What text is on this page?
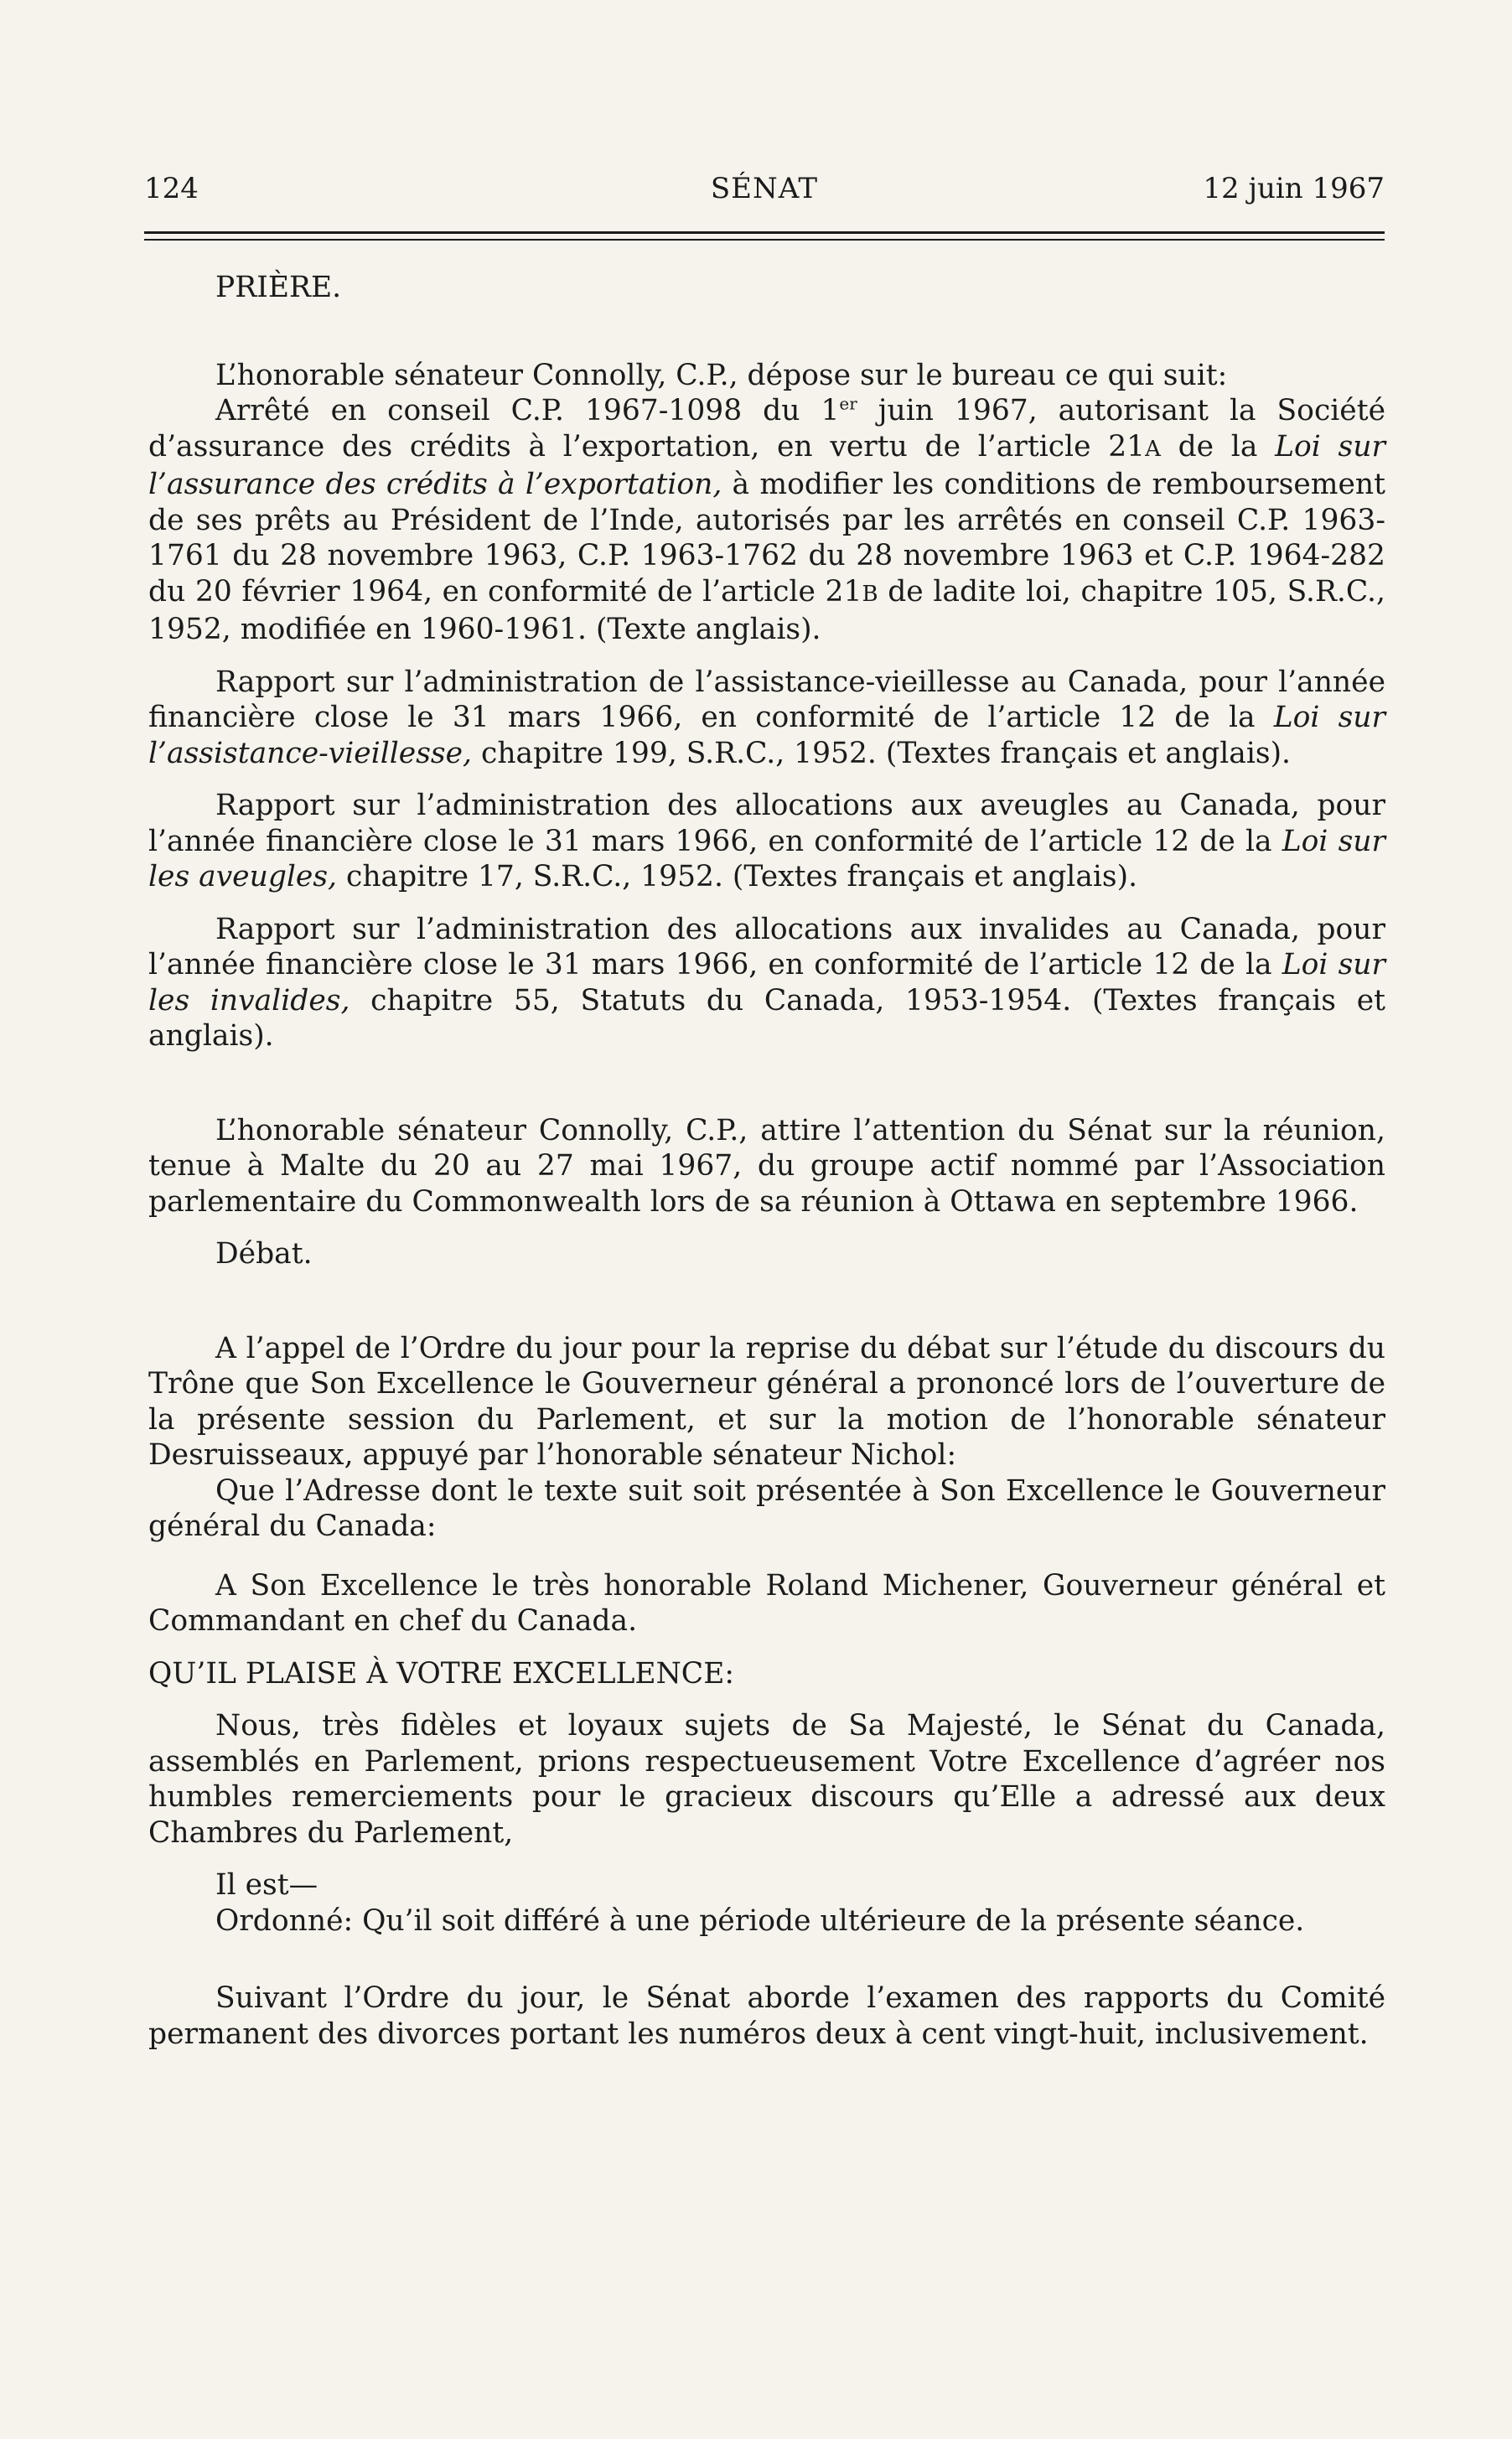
124	SÉNAT	12 juin 1967

PRIÈRE.

L’honorable sénateur Connolly, C.P., dépose sur le bureau ce qui suit:

Arrêté en conseil C.P. 1967-1098 du 1er juin 1967, autorisant la Société d’assurance des crédits à l’exportation, en vertu de l’article 21A de la Loi sur l’assurance des crédits à l’exportation, à modifier les conditions de remboursement de ses prêts au Président de l’Inde, autorisés par les arrêtés en conseil C.P. 1963-1761 du 28 novembre 1963, C.P. 1963-1762 du 28 novembre 1963 et C.P. 1964-282 du 20 février 1964, en conformité de l’article 21B de ladite loi, chapitre 105, S.R.C., 1952, modifiée en 1960-1961. (Texte anglais).

Rapport sur l’administration de l’assistance-vieillesse au Canada, pour l’année financière close le 31 mars 1966, en conformité de l’article 12 de la Loi sur l’assistance-vieillesse, chapitre 199, S.R.C., 1952. (Textes français et anglais).

Rapport sur l’administration des allocations aux aveugles au Canada, pour l’année financière close le 31 mars 1966, en conformité de l’article 12 de la Loi sur les aveugles, chapitre 17, S.R.C., 1952. (Textes français et anglais).

Rapport sur l’administration des allocations aux invalides au Canada, pour l’année financière close le 31 mars 1966, en conformité de l’article 12 de la Loi sur les invalides, chapitre 55, Statuts du Canada, 1953-1954. (Textes français et anglais).

L’honorable sénateur Connolly, C.P., attire l’attention du Sénat sur la réunion, tenue à Malte du 20 au 27 mai 1967, du groupe actif nommé par l’Association parlementaire du Commonwealth lors de sa réunion à Ottawa en septembre 1966.

Débat.

A l’appel de l’Ordre du jour pour la reprise du débat sur l’étude du discours du Trône que Son Excellence le Gouverneur général a prononcé lors de l’ouverture de la présente session du Parlement, et sur la motion de l’honorable sénateur Desruisseaux, appuyé par l’honorable sénateur Nichol:

Que l’Adresse dont le texte suit soit présentée à Son Excellence le Gouverneur général du Canada:

A Son Excellence le très honorable Roland Michener, Gouverneur général et Commandant en chef du Canada.

QU’IL PLAISE À VOTRE EXCELLENCE:

Nous, très fidèles et loyaux sujets de Sa Majesté, le Sénat du Canada, assemblés en Parlement, prions respectueusement Votre Excellence d’agréer nos humbles remerciements pour le gracieux discours qu’Elle a adressé aux deux Chambres du Parlement,

Il est—

Ordonné: Qu’il soit différé à une période ultérieure de la présente séance.

Suivant l’Ordre du jour, le Sénat aborde l’examen des rapports du Comité permanent des divorces portant les numéros deux à cent vingt-huit, inclusivement.
